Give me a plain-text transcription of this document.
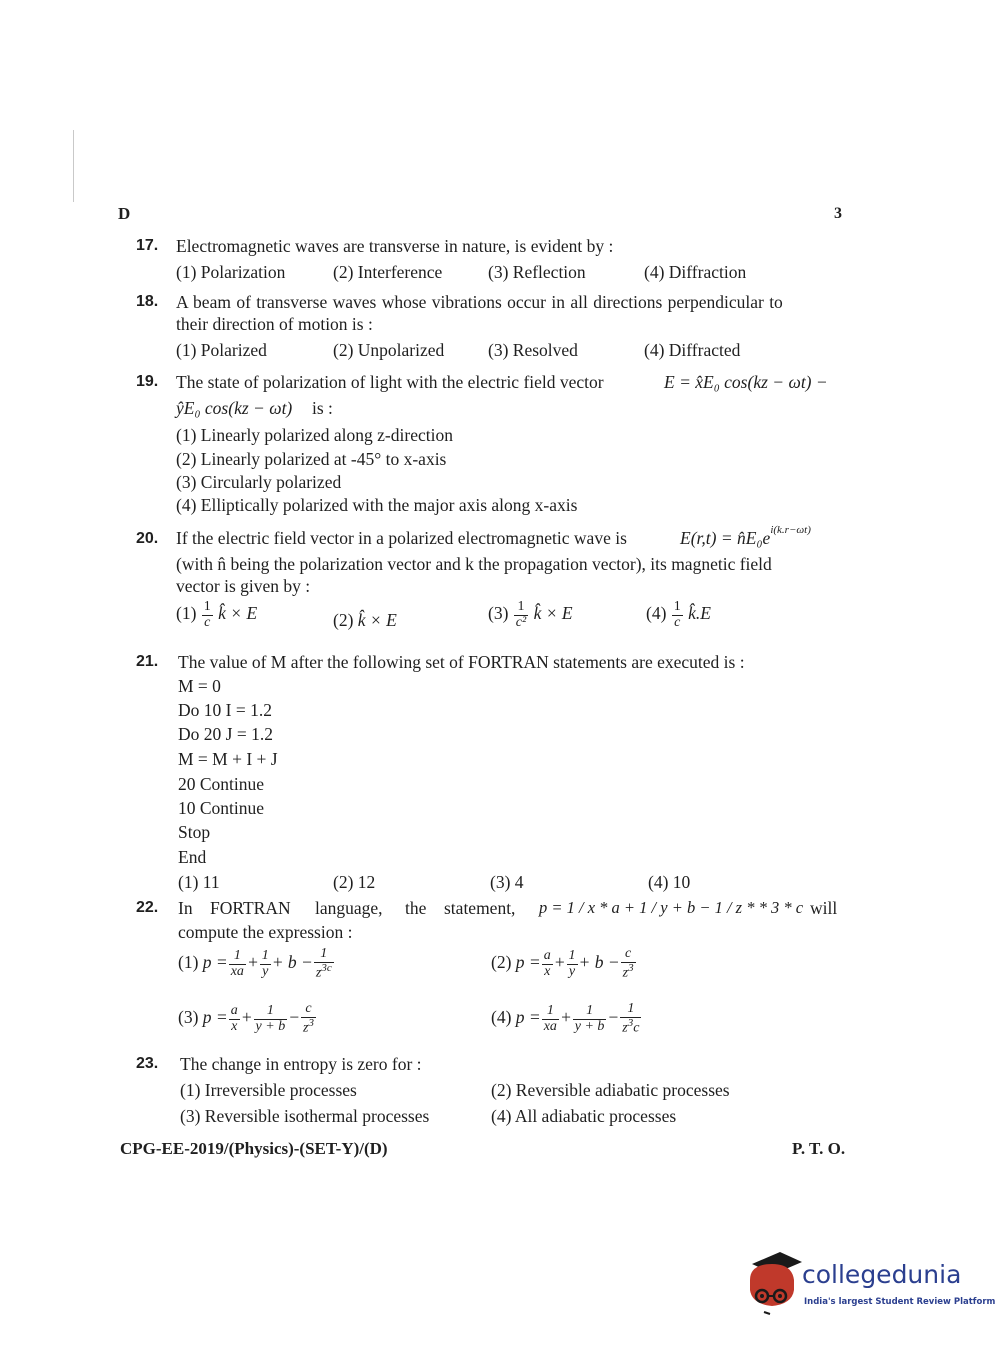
D	3
17. Electromagnetic waves are transverse in nature, is evident by :
(1) Polarization	(2) Interference	(3) Reflection	(4) Diffraction
18. A beam of transverse waves whose vibrations occur in all directions perpendicular to
their direction of motion is :
(1) Polarized	(2) Unpolarized (3) Resolved	(4) Diffracted
19. The state of polarization of light with the electric field vector	E = x̂E₀ cos(kz − ωt) −
ŷE₀ cos(kz − ωt) is :
(1) Linearly polarized along z-direction
(2) Linearly polarized at -45° to x-axis
(3) Circularly polarized
(4) Elliptically polarized with the major axis along x-axis
20. If the electric field vector in a polarized electromagnetic wave is	$E(r,t) = n̂E_0e^{i(k.r-\omega t)}$
(with n̂ being the polarization vector and k the propagation vector), its magnetic field
vector is given by :
$(1) \frac{1}{c}$ k̂ × E	(2) k̂ × E	$(3) \frac{1}{\text{c²}}$ k̂ × E	$(4) \frac{1}{c}$ k̂.E
21. The value of M after the following set of FORTRAN statements are executed is :
M = 0
Do 10 I = 1.2
Do 20 J = 1.2
M = M + I + J
20 Continue
10 Continue
Stop
End
(1) 11	(2) 12	(3) 4	(4) 10
22. In FORTRAN language, the statement, p = 1 / x * a + 1 / y + b − 1 / z * * 3 * c will
compute the expression :
(1) $p = \frac{1}{xa} + \frac{1}{y} + b - \frac{1}{z^{3c}}$	(2) $p = \frac{a}{x} + \frac{1}{y} + b - \frac{c}{z^3}$
(3) $p = \frac{a}{x} + \frac{1}{y + b} - \frac{c}{z^3}$	(4) $p = \frac{1}{xa} + \frac{1}{y + b} - \frac{1}{z^3c}$
23. The change in entropy is zero for :
(1) Irreversible processes	(2) Reversible adiabatic processes
(3) Reversible isothermal processes	(4) All adiabatic processes
CPG-EE-2019/(Physics)-(SET-Y)/(D)	P. T. O.
collegedunia
India's largest Student Review Platform
